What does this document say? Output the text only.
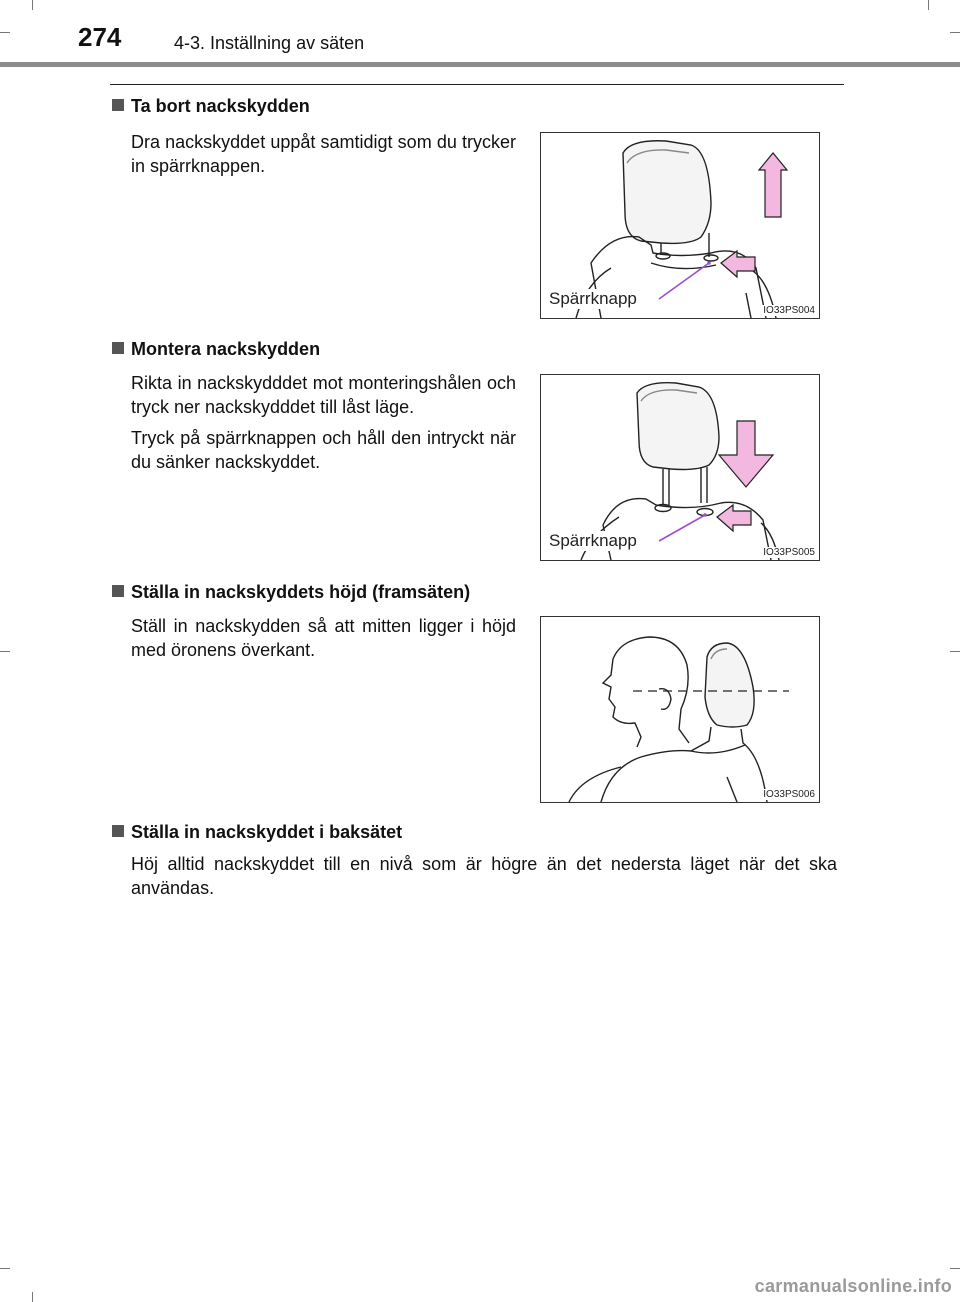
274	4-3. Inställning av säten
Ta bort nackskydden
Dra nackskyddet uppåt samtidigt som du trycker in spärrknappen.
Spärrknapp
IO33PS004
Montera nackskydden
Rikta in nackskydddet mot monteringshålen och tryck ner nackskydddet till låst läge.
Tryck på spärrknappen och håll den intryckt när du sänker nackskyddet.
Spärrknapp
IO33PS005
Ställa in nackskyddets höjd (framsäten)
Ställ in nackskydden så att mitten ligger i höjd med öronens överkant.
IO33PS006
Ställa in nackskyddet i baksätet
Höj alltid nackskyddet till en nivå som är högre än det nedersta läget när det ska användas.
carmanualsonline.info
